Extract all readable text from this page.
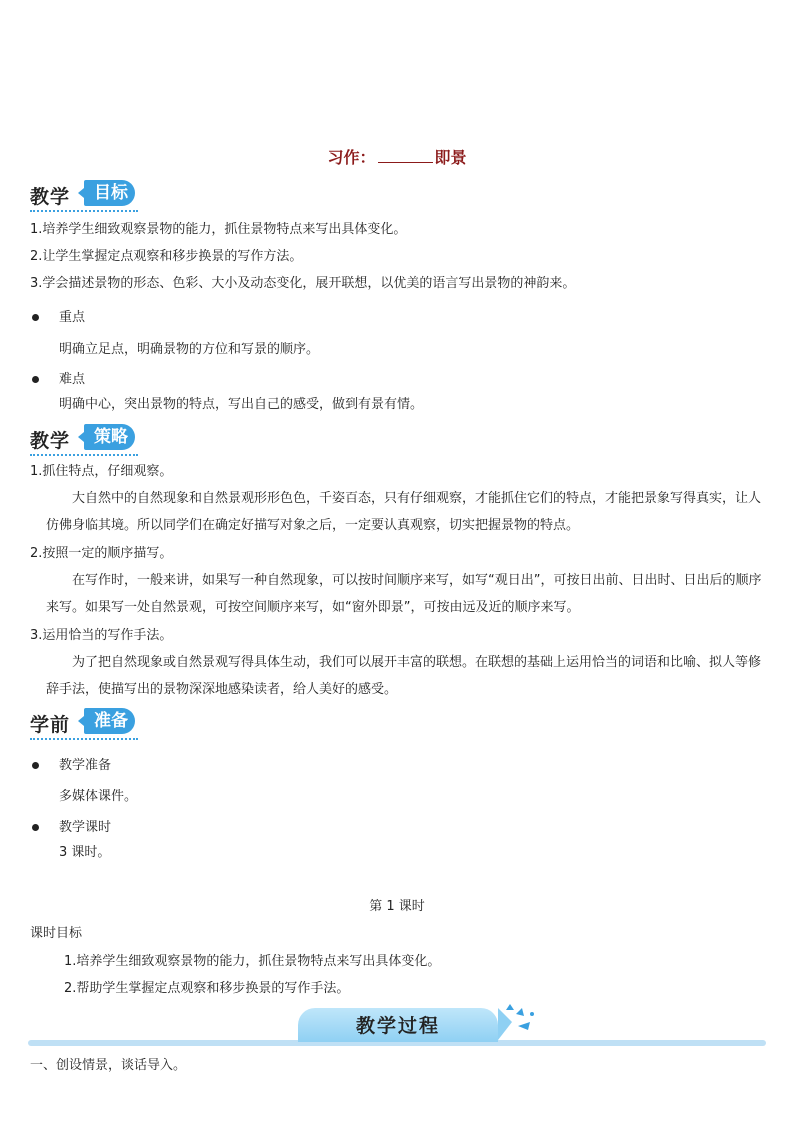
习作：	即景
教学	目标
1.培养学生细致观察景物的能力，抓住景物特点来写出具体变化。
2.让学生掌握定点观察和移步换景的写作方法。
3.学会描述景物的形态、色彩、大小及动态变化，展开联想，以优美的语言写出景物的神韵来。
重点
明确立足点，明确景物的方位和写景的顺序。
难点
明确中心，突出景物的特点，写出自己的感受，做到有景有情。
教学	策略
1.抓住特点，仔细观察。
大自然中的自然现象和自然景观形形色色，千姿百态，只有仔细观察，才能抓住它们的特点，才能把景象写得真实，让人仿佛身临其境。所以同学们在确定好描写对象之后，一定要认真观察，切实把握景物的特点。
2.按照一定的顺序描写。
在写作时，一般来讲，如果写一种自然现象，可以按时间顺序来写，如写“观日出”，可按日出前、日出时、日出后的顺序来写。如果写一处自然景观，可按空间顺序来写，如“窗外即景”，可按由远及近的顺序来写。
3.运用恰当的写作手法。
为了把自然现象或自然景观写得具体生动，我们可以展开丰富的联想。在联想的基础上运用恰当的词语和比喻、拟人等修辞手法，使描写出的景物深深地感染读者，给人美好的感受。
学前	准备
教学准备
多媒体课件。
教学课时
3 课时。
第 1 课时
课时目标
1.培养学生细致观察景物的能力，抓住景物特点来写出具体变化。
2.帮助学生掌握定点观察和移步换景的写作手法。
教学过程
一、创设情景，谈话导入。
